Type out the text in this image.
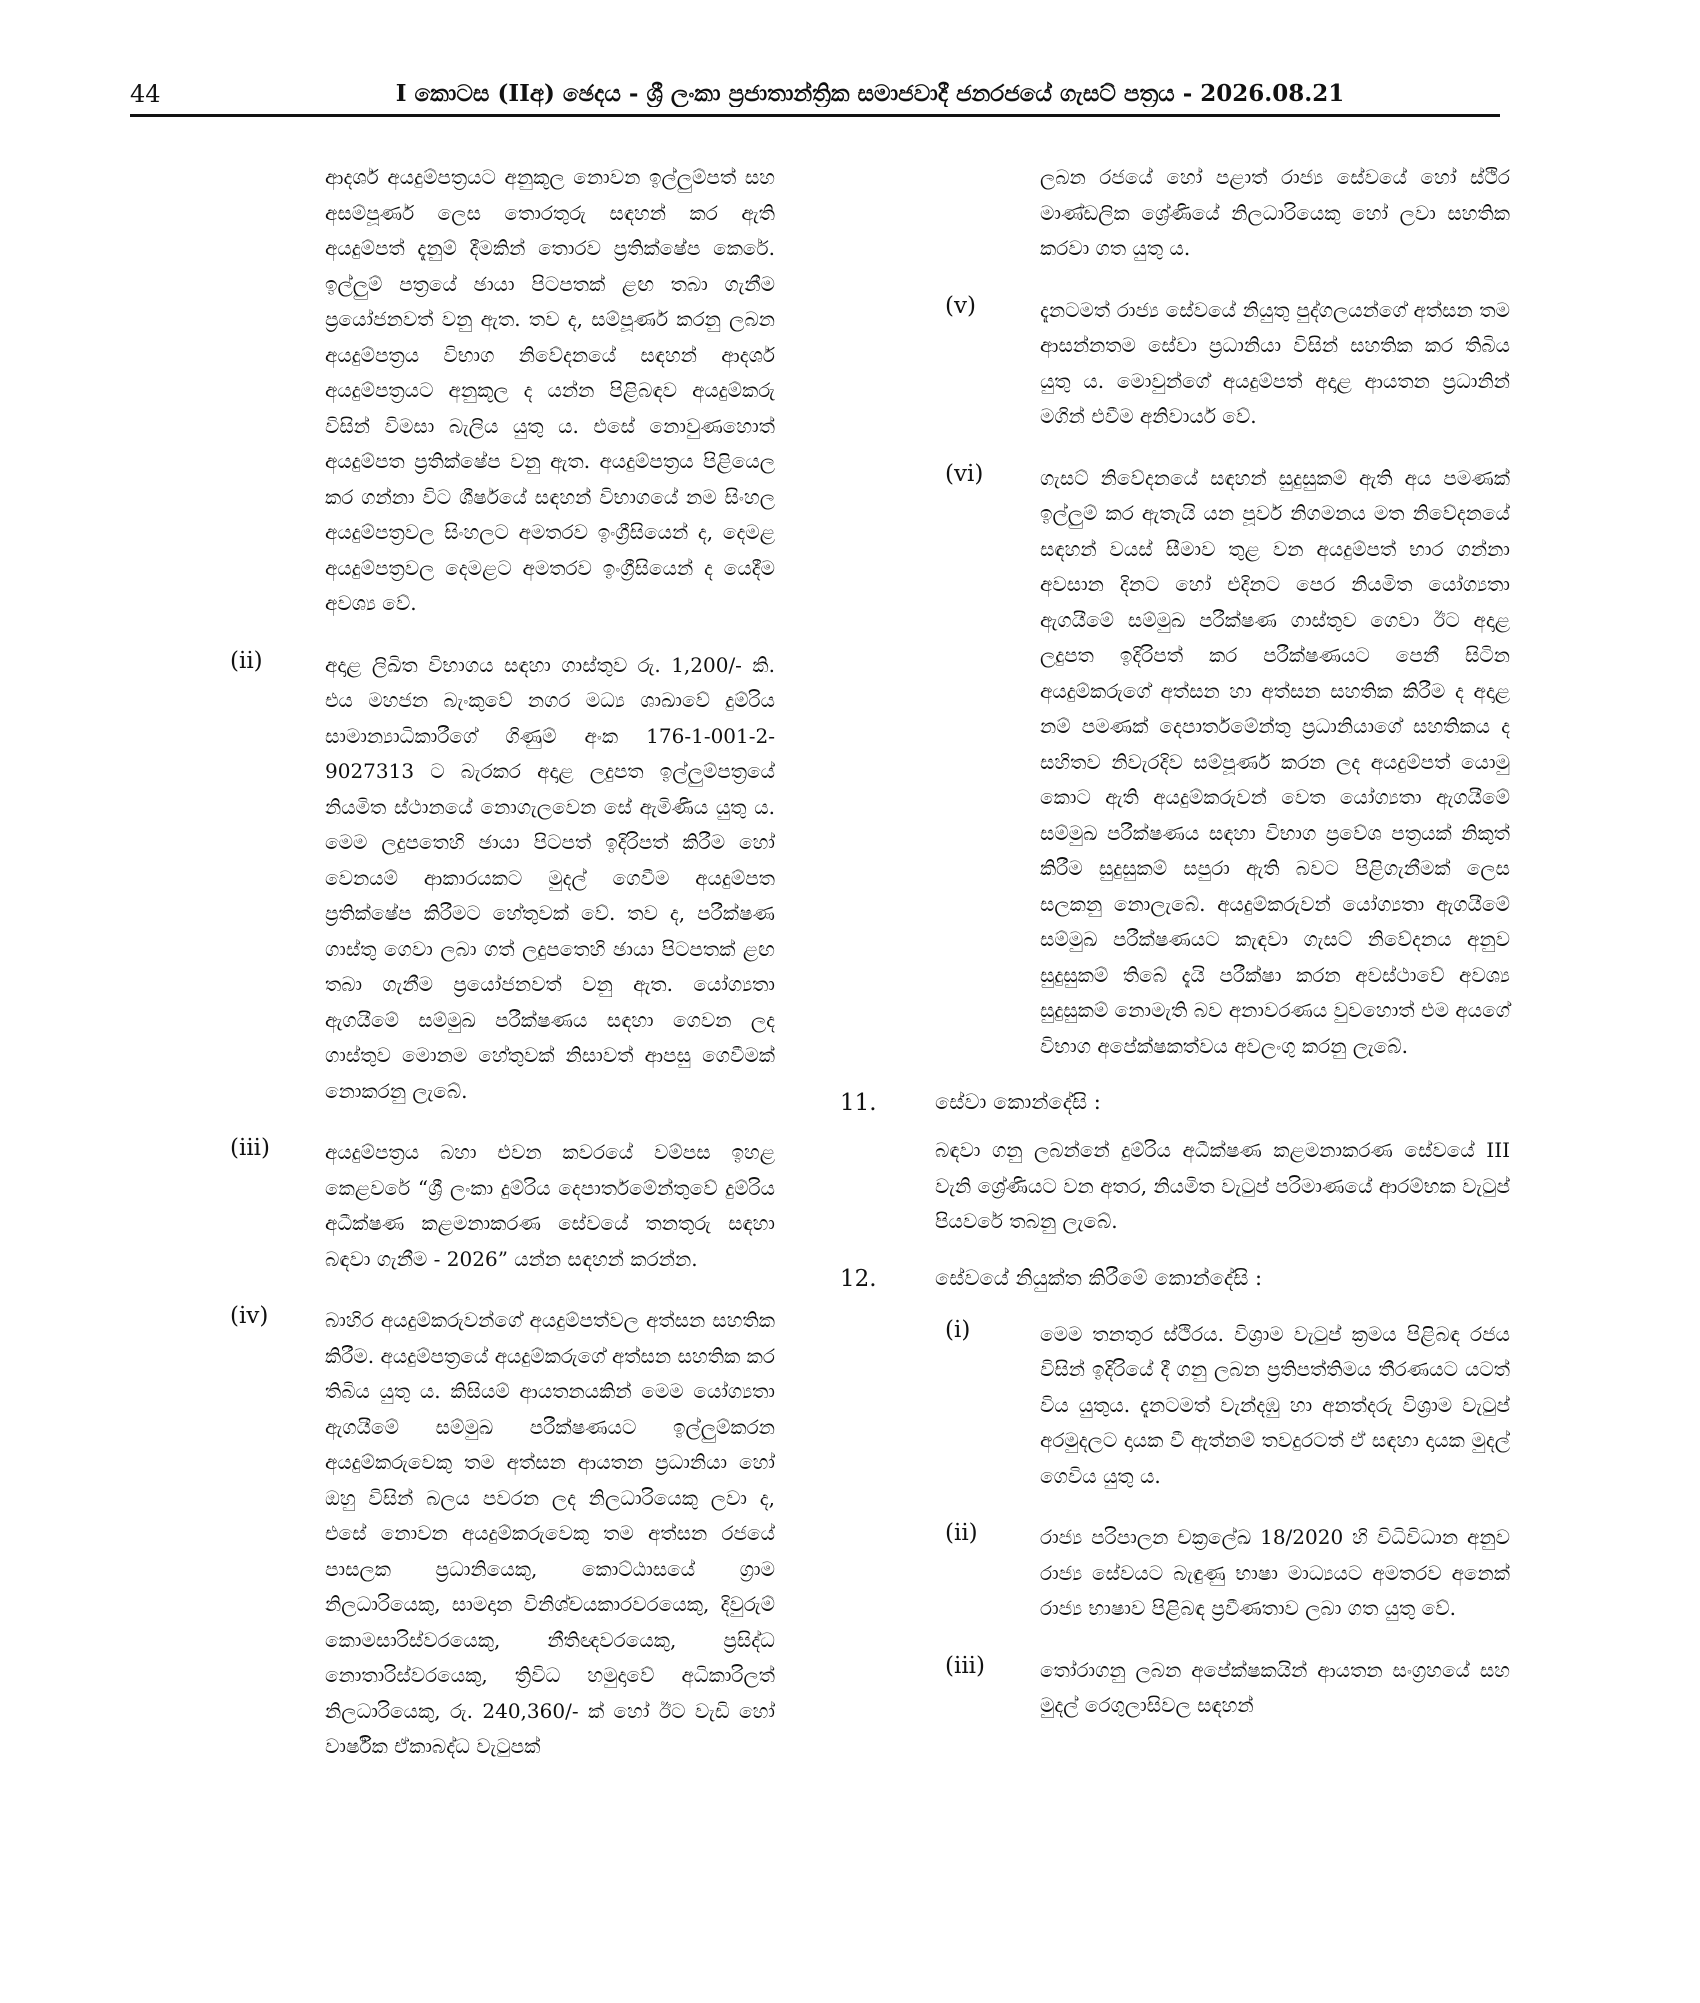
44	I කොටස (IIඅ) ඡෙදය - ශ්‍රී ලංකා ප්‍රජාතාන්ත්‍රික සමාජවාදී ජනරජයේ ගැසට් පත්‍රය - 2026.08.21
ආදර්ශ අයදුම්පත්‍රයට අනුකූල නොවන ඉල්ලුම්පත් සහ අසම්පූර්ණ ලෙස තොරතුරු සඳහන් කර ඇති අයදුම්පත් දැනුම් දීමකින් තොරව ප්‍රතික්ෂේප කෙරේ. ඉල්ලුම් පත්‍රයේ ඡායා පිටපතක් ළඟ තබා ගැනීම ප්‍රයෝජනවත් වනු ඇත. තව ද, සම්පූර්ණ කරනු ලබන අයදුම්පත්‍රය විභාග නිවේදනයේ සඳහන් ආදර්ශ අයදුම්පත්‍රයට අනුකූල ද යන්න පිළිබඳව අයදුම්කරු විසින් විමසා බැලිය යුතු ය. එසේ නොවුණහොත් අයදුම්පත ප්‍රතික්ෂේප වනු ඇත. අයදුම්පත්‍රය පිළියෙල කර ගන්නා විට ශීර්ෂයේ සඳහන් විභාගයේ නම සිංහල අයදුම්පත්‍රවල සිංහලට අමතරව ඉංග්‍රීසියෙන් ද, දෙමළ අයදුම්පත්‍රවල දෙමළට අමතරව ඉංග්‍රීසියෙන් ද යෙදීම අවශ්‍ය වේ.
(ii)	අදාළ ලිඛිත විභාගය සඳහා ගාස්තුව රු. 1,200/- කි. එය මහජන බැංකුවේ නගර මධ්‍ය ශාඛාවේ දුම්රිය සාමාන්‍යාධිකාරීගේ ගිණුම් අංක 176-1-001-2-9027313 ට බැරකර අදාළ ලදුපත ඉල්ලුම්පත්‍රයේ නියමිත ස්ථානයේ නොගැලවෙන සේ ඇමිණිය යුතු ය. මෙම ලදුපතෙහි ඡායා පිටපත් ඉදිරිපත් කිරීම හෝ වෙනයම් ආකාරයකට මුදල් ගෙවීම අයදුම්පත ප්‍රතික්ෂේප කිරීමට හේතුවක් වේ. තව ද, පරීක්ෂණ ගාස්තු ගෙවා ලබා ගත් ලදුපතෙහි ඡායා පිටපතක් ළඟ තබා ගැනීම ප්‍රයෝජනවත් වනු ඇත. යෝග්‍යතා ඇගයීමේ සම්මුඛ පරීක්ෂණය සඳහා ගෙවන ලද ගාස්තුව මොනම හේතුවක් නිසාවත් ආපසු ගෙවීමක් නොකරනු ලැබේ.
(iii)	අයදුම්පත්‍රය බහා එවන කවරයේ වම්පස ඉහළ කෙළවරේ “ශ්‍රී ලංකා දුම්රිය දෙපාර්තමේන්තුවේ දුම්රිය අධීක්ෂණ කළමනාකරණ සේවයේ තනතුරු සඳහා බඳවා ගැනීම - 2026” යන්න සඳහන් කරන්න.
(iv)	බාහිර අයදුම්කරුවන්ගේ අයදුම්පත්වල අත්සන සහතික කිරීම. අයදුම්පත්‍රයේ අයදුම්කරුගේ අත්සන සහතික කර තිබිය යුතු ය. කිසියම් ආයතනයකින් මෙම යෝග්‍යතා ඇගයීමේ සම්මුඛ පරීක්ෂණයට ඉල්ලුම්කරන අයදුම්කරුවෙකු තම අත්සන ආයතන ප්‍රධානියා හෝ ඔහු විසින් බලය පවරන ලද නිලධාරියෙකු ලවා ද, එසේ නොවන අයදුම්කරුවෙකු තම අත්සන රජයේ පාසලක ප්‍රධානියෙකු, කොට්ඨාසයේ ග්‍රාම නිලධාරියෙකු, සාමදාන විනිශ්චයකාරවරයෙකු, දිවුරුම් කොමසාරිස්වරයෙකු, නීතිඥවරයෙකු, ප්‍රසිද්ධ නොතාරිස්වරයෙකු, ත්‍රිවිධ හමුදාවේ අධිකාරිලත් නිලධාරියෙකු, රු. 240,360/- ක් හෝ ඊට වැඩි හෝ වාර්ෂික ඒකාබද්ධ වැටුපක්
ලබන රජයේ හෝ පළාත් රාජ්‍ය සේවයේ හෝ ස්ථිර මාණ්ඩලික ශ්‍රේණියේ නිලධාරියෙකු හෝ ලවා සහතික කරවා ගත යුතු ය.
(v)	දැනටමත් රාජ්‍ය සේවයේ නියුතු පුද්ගලයන්ගේ අත්සන තම ආසන්නතම සේවා ප්‍රධානියා විසින් සහතික කර තිබිය යුතු ය. මොවුන්ගේ අයදුම්පත් අදාළ ආයතන ප්‍රධානින් මගින් එවීම අනිවාර්ය වේ.
(vi)	ගැසට් නිවේදනයේ සඳහන් සුදුසුකම් ඇති අය පමණක් ඉල්ලුම් කර ඇතැයි යන පූර්ව නිගමනය මත නිවේදනයේ සඳහන් වයස් සීමාව තුළ වන අයදුම්පත් භාර ගන්නා අවසාන දිනට හෝ එදිනට පෙර නියමිත යෝග්‍යතා ඇගයීමේ සම්මුඛ පරීක්ෂණ ගාස්තුව ගෙවා ඊට අදාළ ලදුපත ඉදිරිපත් කර පරීක්ෂණයට පෙනී සිටින අයදුම්කරුගේ අත්සන හා අත්සන සහතික කිරීම ද අදාළ නම් පමණක් දෙපාර්තමේන්තු ප්‍රධානියාගේ සහතිකය ද සහිතව නිවැරදිව සම්පූර්ණ කරන ලද අයදුම්පත් යොමු කොට ඇති අයදුම්කරුවන් වෙත යෝග්‍යතා ඇගයීමේ සම්මුඛ පරීක්ෂණය සඳහා විභාග ප්‍රවේශ පත්‍රයක් නිකුත් කිරීම සුදුසුකම් සපුරා ඇති බවට පිළිගැනීමක් ලෙස සලකනු නොලැබේ. අයදුම්කරුවන් යෝග්‍යතා ඇගයීමේ සම්මුඛ පරීක්ෂණයට කැඳවා ගැසට් නිවේදනය අනුව සුදුසුකම් තිබේ දැයි පරීක්ෂා කරන අවස්ථාවේ අවශ්‍ය සුදුසුකම් නොමැති බව අනාවරණය වුවහොත් එම අයගේ විභාග අපේක්ෂකත්වය අවලංගු කරනු ලැබේ.
11.	සේවා කොන්දේසි :
බඳවා ගනු ලබන්නේ දුම්රිය අධීක්ෂණ කළමනාකරණ සේවයේ III වැනි ශ්‍රේණියට වන අතර, නියමිත වැටුප් පරිමාණයේ ආරම්භක වැටුප් පියවරේ තබනු ලැබේ.
12.	සේවයේ නියුක්ත කිරීමේ කොන්දේසි :
(i)	මෙම තනතුර ස්ථිරය. විශ්‍රාම වැටුප් ක්‍රමය පිළිබඳ රජය විසින් ඉදිරියේ දී ගනු ලබන ප්‍රතිපත්තිමය තීරණයට යටත් විය යුතුය. දැනටමත් වැන්දඹු හා අනත්දරු විශ්‍රාම වැටුප් අරමුදලට දායක වී ඇත්නම් තවදුරටත් ඒ සඳහා දායක මුදල් ගෙවිය යුතු ය.
(ii)	රාජ්‍ය පරිපාලන චක්‍රලේඛ 18/2020 හි විධිවිධාන අනුව රාජ්‍ය සේවයට බැඳුණු භාෂා මාධ්‍යයට අමතරව අනෙක් රාජ්‍ය භාෂාව පිළිබඳ ප්‍රවීණතාව ලබා ගත යුතු වේ.
(iii)	තෝරාගනු ලබන අපේක්ෂකයින් ආයතන සංග්‍රහයේ සහ මුදල් රෙගුලාසිවල සඳහන්
